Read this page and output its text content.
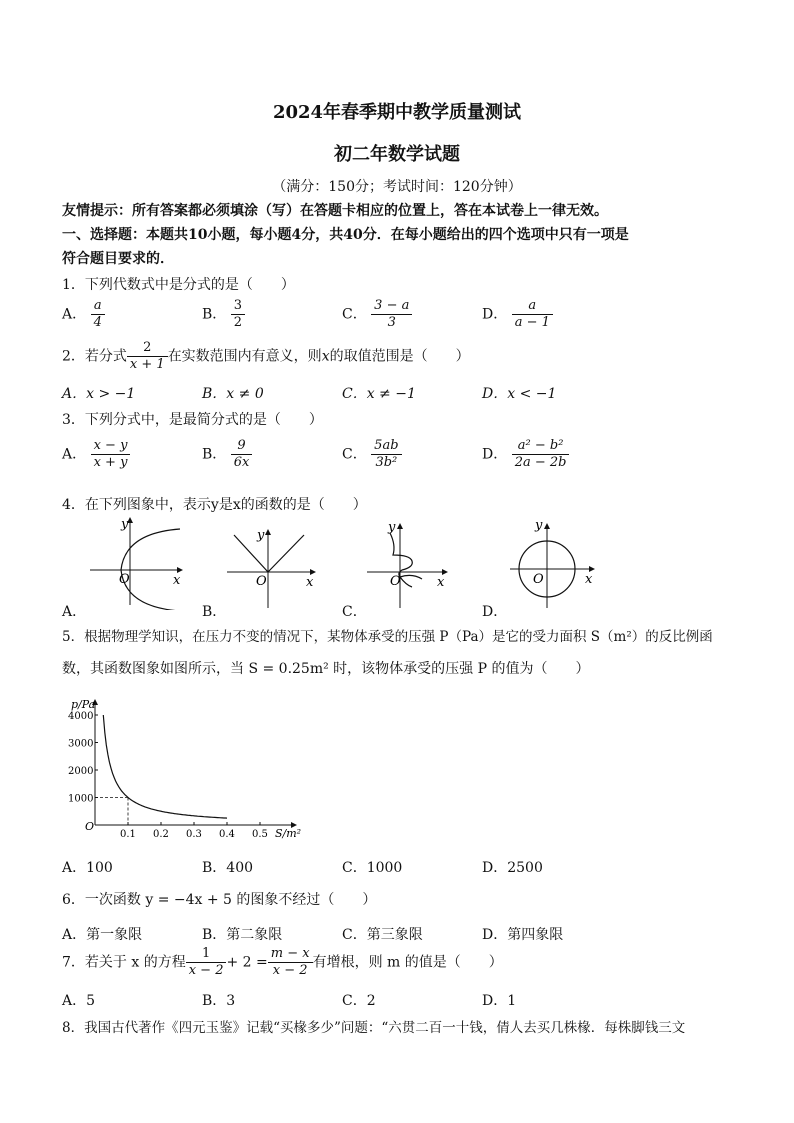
2024年春季期中教学质量测试
初二年数学试题
（满分：150分；考试时间：120分钟）
友情提示：所有答案都必须填涂（写）在答题卡相应的位置上，答在本试卷上一律无效。
一、选择题：本题共10小题，每小题4分，共40分．在每小题给出的四个选项中只有一项是
符合题目要求的．
1．下列代数式中是分式的是（　　）
A． $\frac{a}{4}$	B． $\frac{3}{2}$	C． $\frac{3 - a}{3}$	D． $\frac{a}{a - 1}$
2．若分式 $\frac{2}{x + 1}$ 在实数范围内有意义，则x的取值范围是（　　）
A．x > −1	B．x ≠ 0	C．x ≠ −1	D．x < −1
3．下列分式中，是最简分式的是（　　）
A． $\frac{x - y}{x + y}$	B． $\frac{9}{6x}$	C． $\frac{5ab}{\text{3b²}}$	D． $\frac{\text{a² − b²}}{2a - 2b}$
4．在下列图象中，表示y是x的函数的是（　　）
y
x
O
y
x
O
y
x
O
y
x
O
A．	B．	C．	D．
5．根据物理学知识，在压力不变的情况下，某物体承受的压强 P（Pa）是它的受力面积 S（m²）的反比例函
数，其函数图象如图所示，当 S = 0.25m² 时，该物体承受的压强 P 的值为（　　）
p/Pa
S/m²
O
0.1 0.2 0.3 0.4 0.5
1000
2000
3000
4000
A．100	B．400	C．1000	D．2500
6．一次函数 y = −4x + 5 的图象不经过（　　）
A．第一象限	B．第二象限	C．第三象限	D．第四象限
7．若关于 x 的方程 $\frac{1}{x - 2} + 2 = \frac{m - x}{x - 2}$ 有增根，则 m 的值是（　　）
A．5	B．3	C．2	D．1
8．我国古代著作《四元玉鉴》记载“买椽多少”问题：“六贯二百一十钱，倩人去买几株椽．每株脚钱三文
